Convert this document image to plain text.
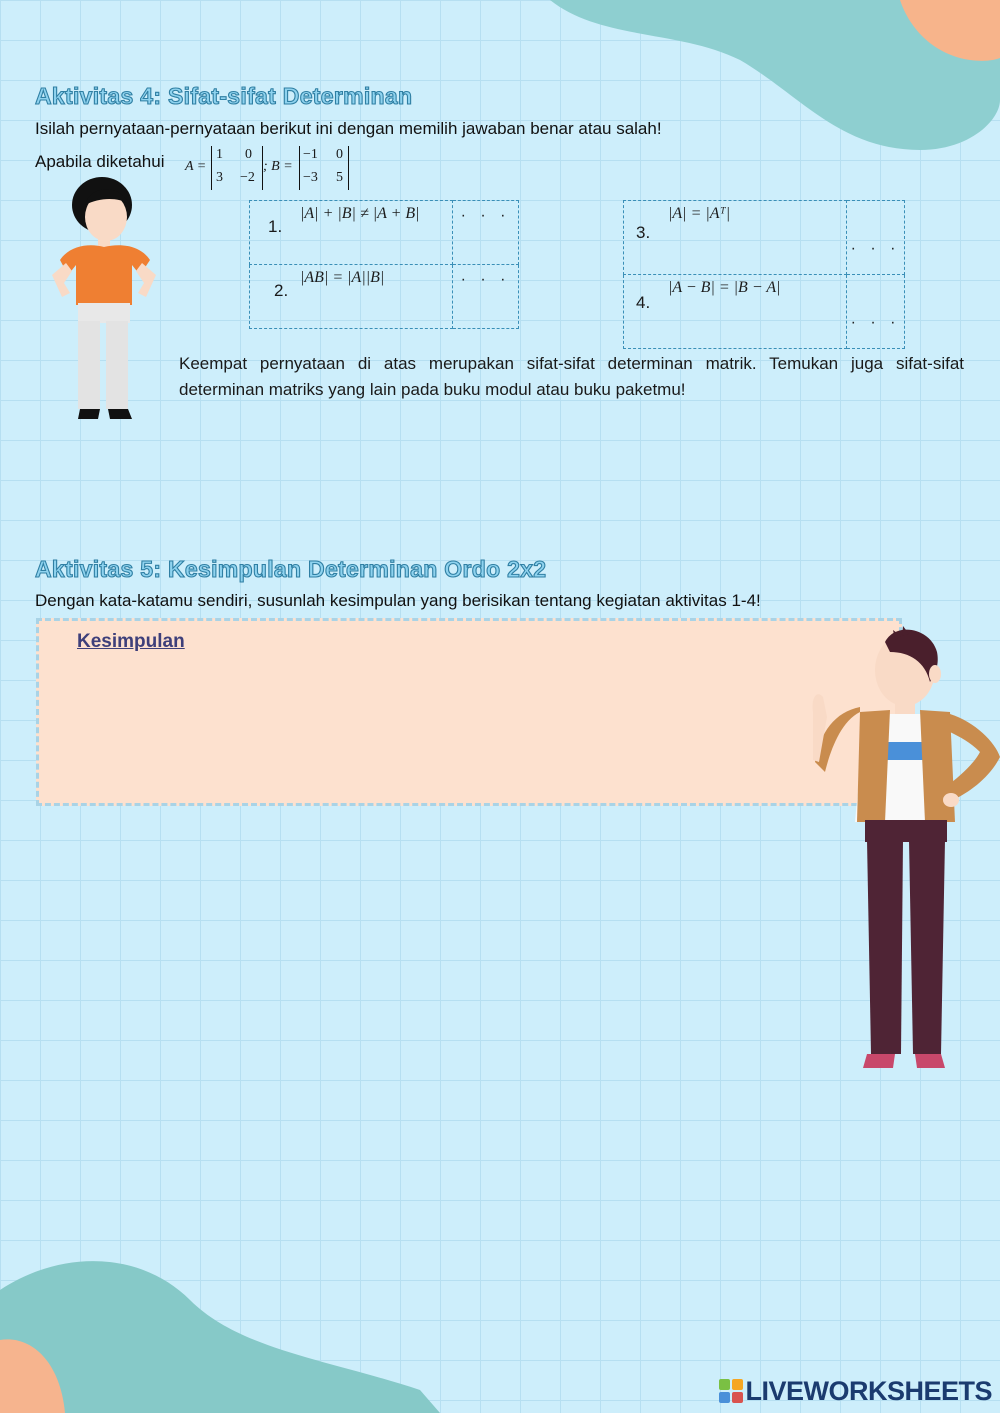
Aktivitas 4: Sifat-sifat Determinan
Isilah pernyataan-pernyataan berikut ini dengan memilih jawaban benar atau salah!
Apabila diketahui A =
1 0
3 −2
; B =
−1 0
−3 5
1.
|A| + |B| ≠ |A + B|	· · ·

2.
|AB| = |A||B|	· · ·
3.
|A| = |Aᵀ|	· · ·

4.
|A − B| = |B − A|	· · ·
Keempat pernyataan di atas merupakan sifat-sifat determinan matrik. Temukan juga sifat-sifat determinan matriks yang lain pada buku modul atau buku paketmu!
Aktivitas 5: Kesimpulan Determinan Ordo 2x2
Dengan kata-katamu sendiri, susunlah kesimpulan yang berisikan tentang kegiatan aktivitas 1-4!
Kesimpulan
LIVEWORKSHEETS
